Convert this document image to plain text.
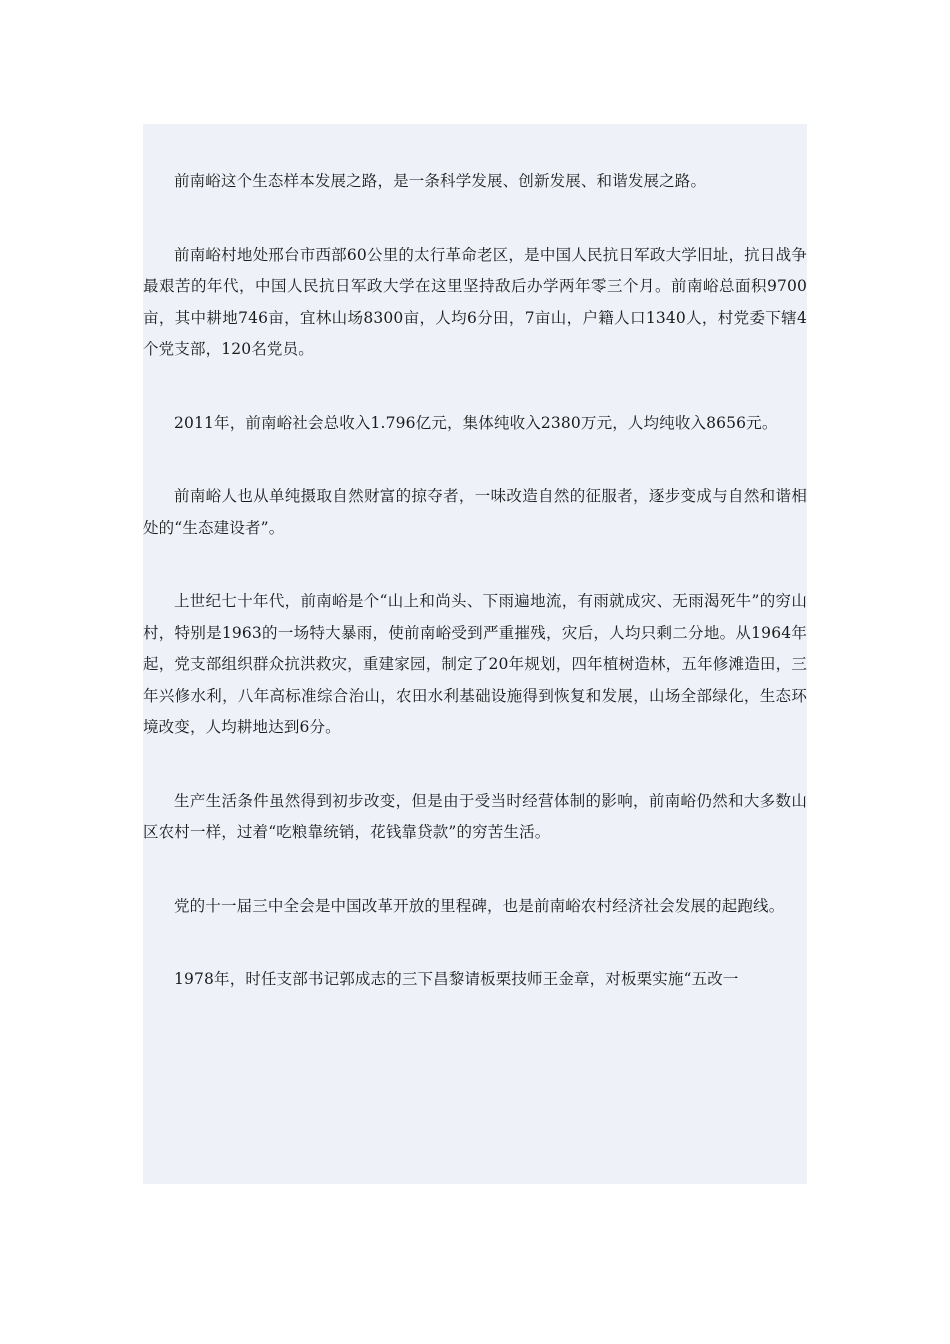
前南峪这个生态样本发展之路，是一条科学发展、创新发展、和谐发展之路。

前南峪村地处邢台市西部60公里的太行革命老区，是中国人民抗日军政大学旧址，抗日战争最艰苦的年代，中国人民抗日军政大学在这里坚持敌后办学两年零三个月。前南峪总面积9700亩，其中耕地746亩，宜林山场8300亩，人均6分田，7亩山，户籍人口1340人，村党委下辖4个党支部，120名党员。

2011年，前南峪社会总收入1.796亿元，集体纯收入2380万元，人均纯收入8656元。

前南峪人也从单纯摄取自然财富的掠夺者，一味改造自然的征服者，逐步变成与自然和谐相处的“生态建设者”。

上世纪七十年代，前南峪是个“山上和尚头、下雨遍地流，有雨就成灾、无雨渴死牛”的穷山村，特别是1963的一场特大暴雨，使前南峪受到严重摧残，灾后，人均只剩二分地。从1964年起，党支部组织群众抗洪救灾，重建家园，制定了20年规划，四年植树造林，五年修滩造田，三年兴修水利，八年高标准综合治山，农田水利基础设施得到恢复和发展，山场全部绿化，生态环境改变，人均耕地达到6分。

生产生活条件虽然得到初步改变，但是由于受当时经营体制的影响，前南峪仍然和大多数山区农村一样，过着“吃粮靠统销，花钱靠贷款”的穷苦生活。

党的十一届三中全会是中国改革开放的里程碑，也是前南峪农村经济社会发展的起跑线。

1978年，时任支部书记郭成志的三下昌黎请板栗技师王金章，对板栗实施“五改一
